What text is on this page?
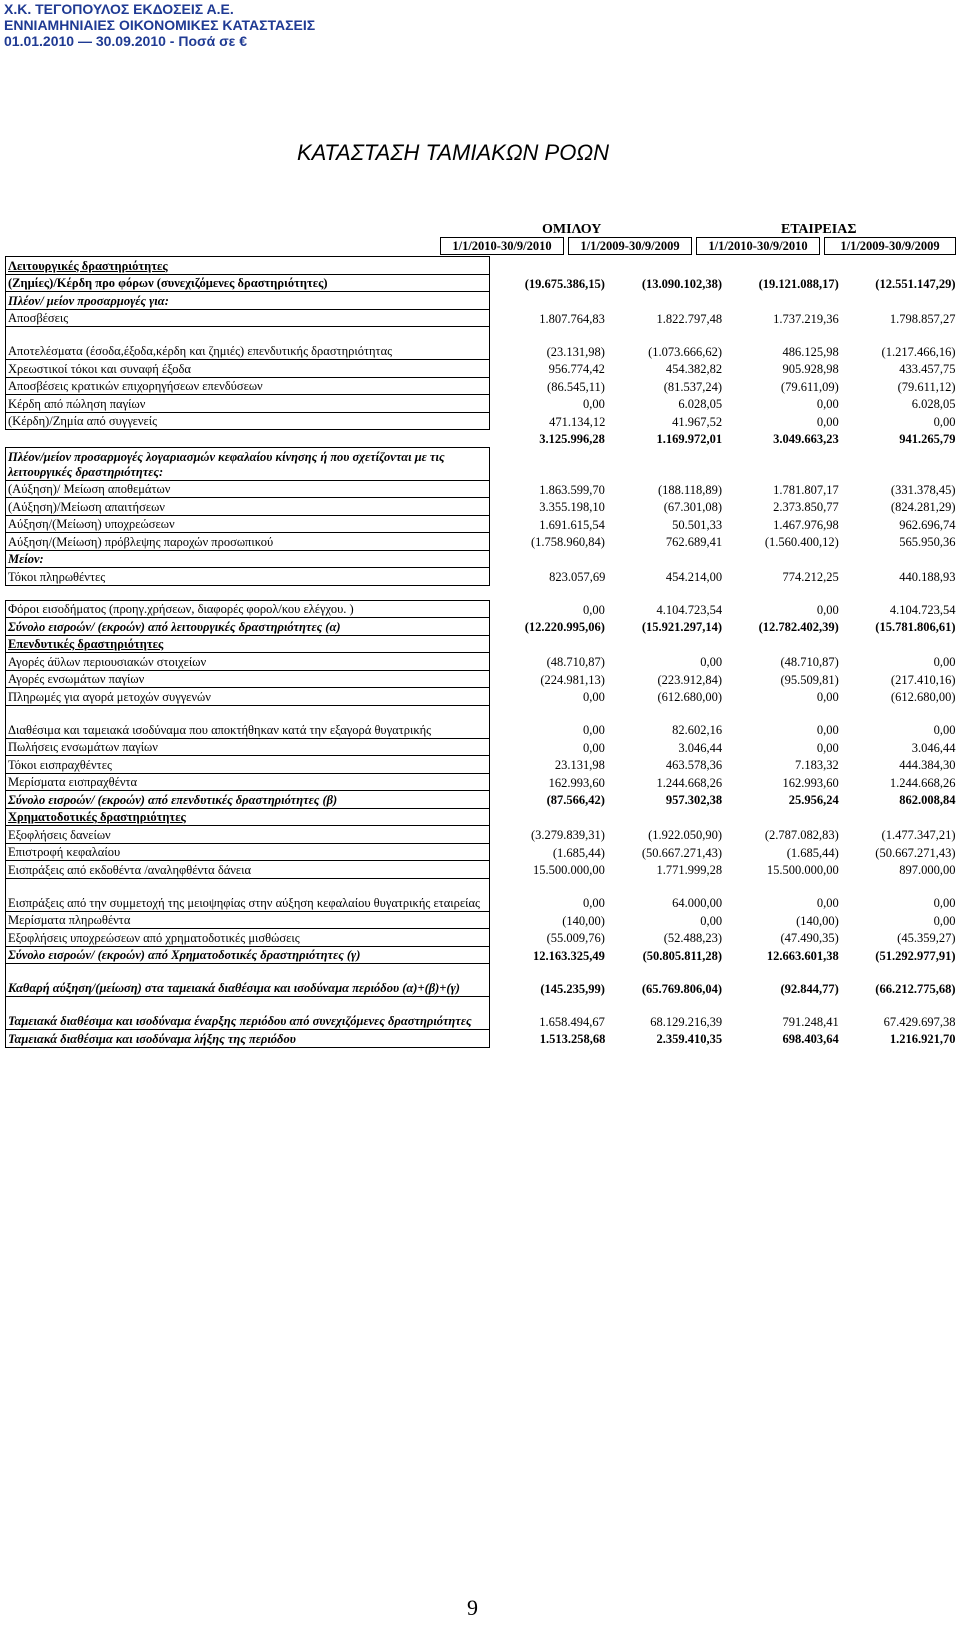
Χ.Κ. ΤΕΓΟΠΟΥΛΟΣ ΕΚΔΟΣΕΙΣ Α.Ε.
ΕΝΝΙΑΜΗΝΙΑΙΕΣ ΟΙΚΟΝΟΜΙΚΕΣ ΚΑΤΑΣΤΑΣΕΙΣ
01.01.2010 — 30.09.2010 - Ποσά σε €
ΚΑΤΑΣΤΑΣΗ ΤΑΜΙΑΚΩΝ ΡΟΩΝ
ΟΜΙΛΟΥ	ΕΤΑΙΡΕΙΑΣ
1/1/2010-30/9/2010	1/1/2009-30/9/2009	1/1/2010-30/9/2010	1/1/2009-30/9/2009
Λειτουργικές δραστηριότητες				
(Ζημίες)/Κέρδη προ φόρων (συνεχιζόμενες δραστηριότητες)	(19.675.386,15)	(13.090.102,38)	(19.121.088,17)	(12.551.147,29)
Πλέον/ μείον προσαρμογές για:				
Αποσβέσεις	1.807.764,83	1.822.797,48	1.737.219,36	1.798.857,27
Αποτελέσματα (έσοδα,έξοδα,κέρδη και ζημιές) επενδυτικής δραστηριότητας	(23.131,98)	(1.073.666,62)	486.125,98	(1.217.466,16)
Χρεωστικοί τόκοι και συναφή έξοδα	956.774,42	454.382,82	905.928,98	433.457,75
Αποσβέσεις κρατικών επιχορηγήσεων επενδύσεων	(86.545,11)	(81.537,24)	(79.611,09)	(79.611,12)
Κέρδη από πώληση παγίων	0,00	6.028,05	0,00	6.028,05
(Κέρδη)/Ζημία από συγγενείς	471.134,12	41.967,52	0,00	0,00
	3.125.996,28	1.169.972,01	3.049.663,23	941.265,79
Πλέον/μείον προσαρμογές λογαριασμών κεφαλαίου κίνησης ή που σχετίζονται με τις λειτουργικές δραστηριότητες:				
(Αύξηση)/ Μείωση αποθεμάτων	1.863.599,70	(188.118,89)	1.781.807,17	(331.378,45)
(Αύξηση)/Μείωση απαιτήσεων	3.355.198,10	(67.301,08)	2.373.850,77	(824.281,29)
Αύξηση/(Μείωση) υποχρεώσεων	1.691.615,54	50.501,33	1.467.976,98	962.696,74
Αύξηση/(Μείωση) πρόβλεψης παροχών προσωπικού	(1.758.960,84)	762.689,41	(1.560.400,12)	565.950,36
Μείον:				
Τόκοι πληρωθέντες	823.057,69	454.214,00	774.212,25	440.188,93

Φόροι εισοδήματος (προηγ.χρήσεων, διαφορές φορολ/κου ελέγχου. )	0,00	4.104.723,54	0,00	4.104.723,54
Σύνολο εισροών/ (εκροών) από λειτουργικές δραστηριότητες (α)	(12.220.995,06)	(15.921.297,14)	(12.782.402,39)	(15.781.806,61)
Επενδυτικές δραστηριότητες				
Αγορές άϋλων περιουσιακών στοιχείων	(48.710,87)	0,00	(48.710,87)	0,00
Αγορές ενσωμάτων παγίων	(224.981,13)	(223.912,84)	(95.509,81)	(217.410,16)
Πληρωμές για αγορά μετοχών συγγενών	0,00	(612.680,00)	0,00	(612.680,00)
Διαθέσιμα και ταμειακά ισοδύναμα που αποκτήθηκαν κατά την εξαγορά θυγατρικής	0,00	82.602,16	0,00	0,00
Πωλήσεις ενσωμάτων παγίων	0,00	3.046,44	0,00	3.046,44
Τόκοι εισπραχθέντες	23.131,98	463.578,36	7.183,32	444.384,30
Μερίσματα εισπραχθέντα	162.993,60	1.244.668,26	162.993,60	1.244.668,26
Σύνολο εισροών/ (εκροών) από επενδυτικές δραστηριότητες (β)	(87.566,42)	957.302,38	25.956,24	862.008,84
Χρηματοδοτικές δραστηριότητες				
Εξοφλήσεις δανείων	(3.279.839,31)	(1.922.050,90)	(2.787.082,83)	(1.477.347,21)
Επιστροφή κεφαλαίου	(1.685,44)	(50.667.271,43)	(1.685,44)	(50.667.271,43)
Εισπράξεις από εκδοθέντα /αναληφθέντα δάνεια	15.500.000,00	1.771.999,28	15.500.000,00	897.000,00
Εισπράξεις από την συμμετοχή της μειοψηφίας στην αύξηση κεφαλαίου θυγατρικής εταιρείας	0,00	64.000,00	0,00	0,00
Μερίσματα πληρωθέντα	(140,00)	0,00	(140,00)	0,00
Εξοφλήσεις υποχρεώσεων από χρηματοδοτικές μισθώσεις	(55.009,76)	(52.488,23)	(47.490,35)	(45.359,27)
Σύνολο εισροών/ (εκροών) από Χρηματοδοτικές δραστηριότητες (γ)	12.163.325,49	(50.805.811,28)	12.663.601,38	(51.292.977,91)
Καθαρή αύξηση/(μείωση) στα ταμειακά διαθέσιμα και ισοδύναμα περιόδου (α)+(β)+(γ)	(145.235,99)	(65.769.806,04)	(92.844,77)	(66.212.775,68)
Ταμειακά διαθέσιμα και ισοδύναμα έναρξης περιόδου από συνεχιζόμενες δραστηριότητες	1.658.494,67	68.129.216,39	791.248,41	67.429.697,38
Ταμειακά διαθέσιμα και ισοδύναμα λήξης της περιόδου	1.513.258,68	2.359.410,35	698.403,64	1.216.921,70
9
